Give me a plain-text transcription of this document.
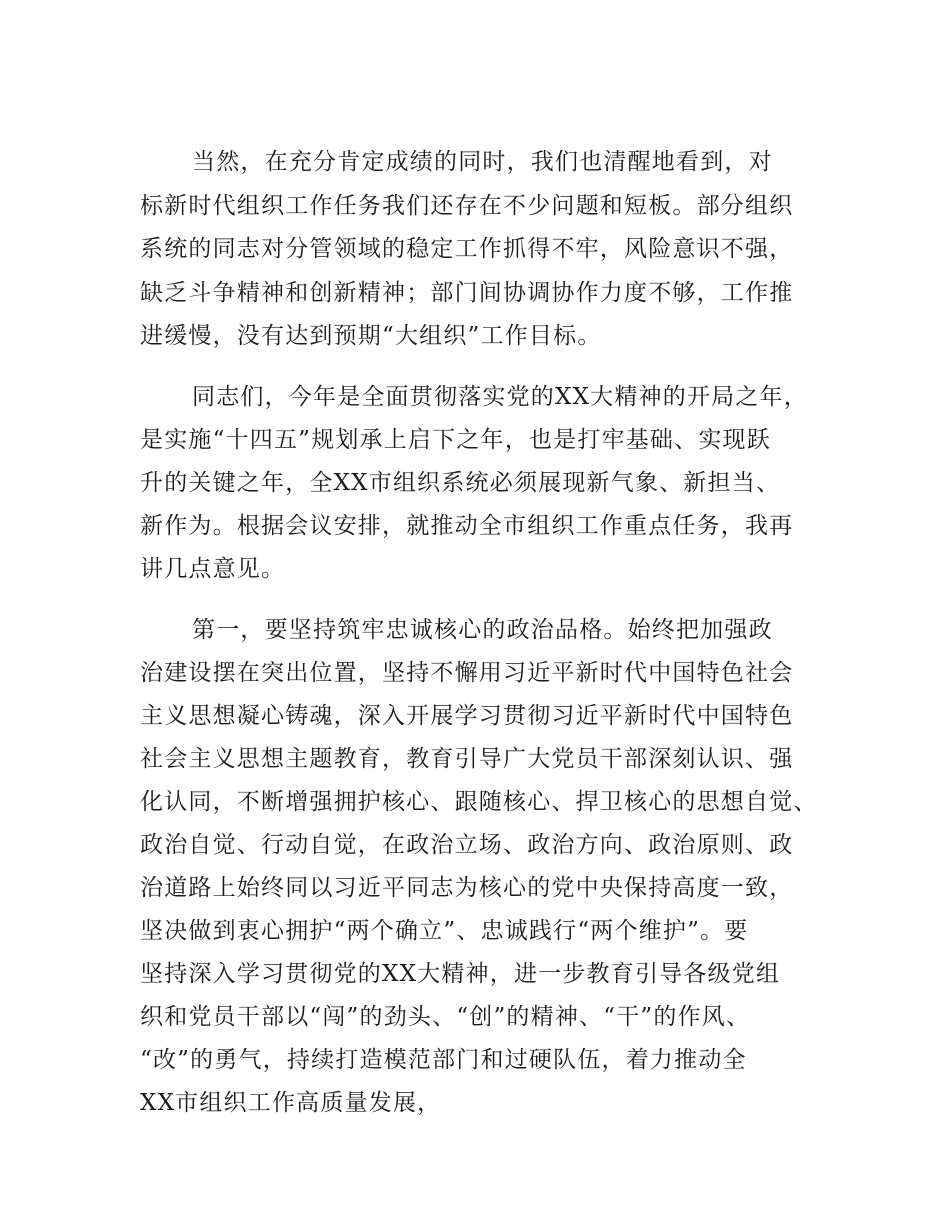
当然，在充分肯定成绩的同时，我们也清醒地看到，对
标新时代组织工作任务我们还存在不少问题和短板。部分组织
系统的同志对分管领域的稳定工作抓得不牢，风险意识不强，
缺乏斗争精神和创新精神；部门间协调协作力度不够，工作推
进缓慢，没有达到预期“大组织”工作目标。
同志们，今年是全面贯彻落实党的XX大精神的开局之年，
是实施“十四五”规划承上启下之年，也是打牢基础、实现跃
升的关键之年，全XX市组织系统必须展现新气象、新担当、
新作为。根据会议安排，就推动全市组织工作重点任务，我再
讲几点意见。
第一，要坚持筑牢忠诚核心的政治品格。始终把加强政
治建设摆在突出位置，坚持不懈用习近平新时代中国特色社会
主义思想凝心铸魂，深入开展学习贯彻习近平新时代中国特色
社会主义思想主题教育，教育引导广大党员干部深刻认识、强
化认同，不断增强拥护核心、跟随核心、捍卫核心的思想自觉、
政治自觉、行动自觉，在政治立场、政治方向、政治原则、政
治道路上始终同以习近平同志为核心的党中央保持高度一致，
坚决做到衷心拥护“两个确立”、忠诚践行“两个维护”。要
坚持深入学习贯彻党的XX大精神，进一步教育引导各级党组
织和党员干部以“闯”的劲头、“创”的精神、“干”的作风、
“改”的勇气，持续打造模范部门和过硬队伍，着力推动全
XX市组织工作高质量发展，
